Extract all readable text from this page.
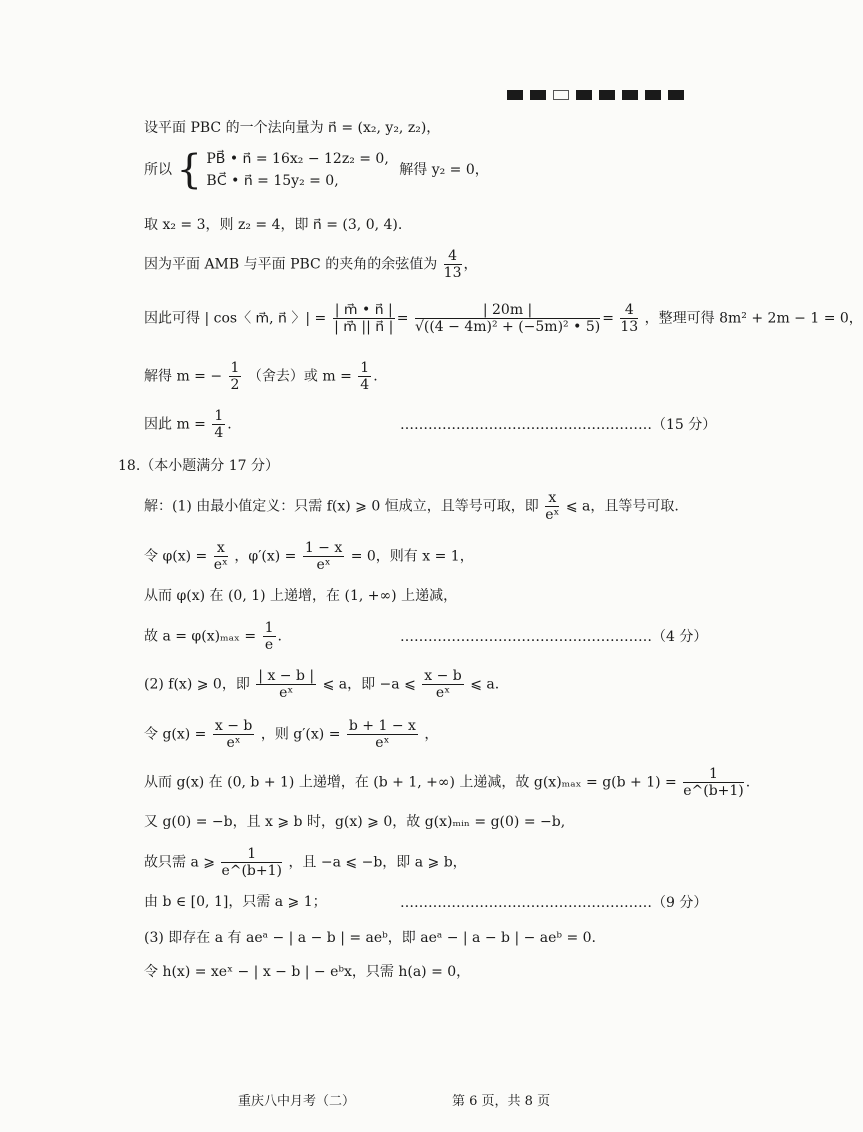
设平面 PBC 的一个法向量为 n⃗ = (x₂, y₂, z₂)，
所以 { PB⃗ • n⃗ = 16x₂ − 12z₂ = 0,
BC⃗ • n⃗ = 15y₂ = 0,
解得 y₂ = 0，
取 x₂ = 3，则 z₂ = 4，即 n⃗ = (3, 0, 4).
因为平面 AMB 与平面 PBC 的夹角的余弦值为 $\frac{4}{13}$ ，
因此可得 | cos〈 m⃗, n⃗ 〉| = $\frac{| m⃗ • n⃗ |}{| m⃗ || n⃗ |} = \frac{| 20m |}{\text{√((4 − 4m)² + (−5m)² • 5)}} = \frac{4}{13}$ ，整理可得 8m² + 2m − 1 = 0，
解得 m = − $\frac{1}{2}$ （舍去）或 $m = \frac{1}{4}$ .
因此 $m = \frac{1}{4}$ .	………………………………………………（15 分）
18.（本小题满分 17 分）
解：(1) 由最小值定义：只需 f(x) ⩾ 0 恒成立，且等号可取，即 $\frac{x}{\text{eˣ}}$ ⩽ a，且等号可取.
令 $\varphi(x) = \frac{x}{\text{eˣ}}$ ，$\varphi'(x) = \frac{1 - x}{\text{eˣ}} = 0$，则有 x = 1，
从而 φ(x) 在 (0, 1) 上递增，在 (1, +∞) 上递减，
故 $a = \varphi(x)_{max} = \frac{1}{e}$ .	………………………………………………（4 分）
(2) f(x) ⩾ 0，即 $\frac{| x - b |}{\text{eˣ}}$ ⩽ a，即 −a ⩽ $\frac{x - b}{\text{eˣ}}$ ⩽ a.
令 $g(x) = \frac{x - b}{\text{eˣ}}$ ，则 $g'(x) = \frac{b + 1 - x}{\text{eˣ}}$ ，
从而 g(x) 在 (0, b + 1) 上递增，在 (b + 1, +∞) 上递减，故 $g(x)_{max} = g(b + 1) = \frac{1}{e\^{}(b+1)}$ .
又 g(0) = −b，且 x ⩾ b 时，g(x) ⩾ 0，故 g(x)ₘᵢₙ = g(0) = −b,
故只需 a ⩾ $\frac{1}{e\^{}(b+1)}$ ，且 −a ⩽ −b，即 a ⩾ b，
由 b ∈ [0, 1]，只需 a ⩾ 1；	………………………………………………（9 分）
(3) 即存在 a 有 aeᵃ − | a − b | = aeᵇ，即 aeᵃ − | a − b | − aeᵇ = 0.
令 h(x) = xeˣ − | x − b | − eᵇx，只需 h(a) = 0，
重庆八中月考（二）	第 6 页，共 8 页
